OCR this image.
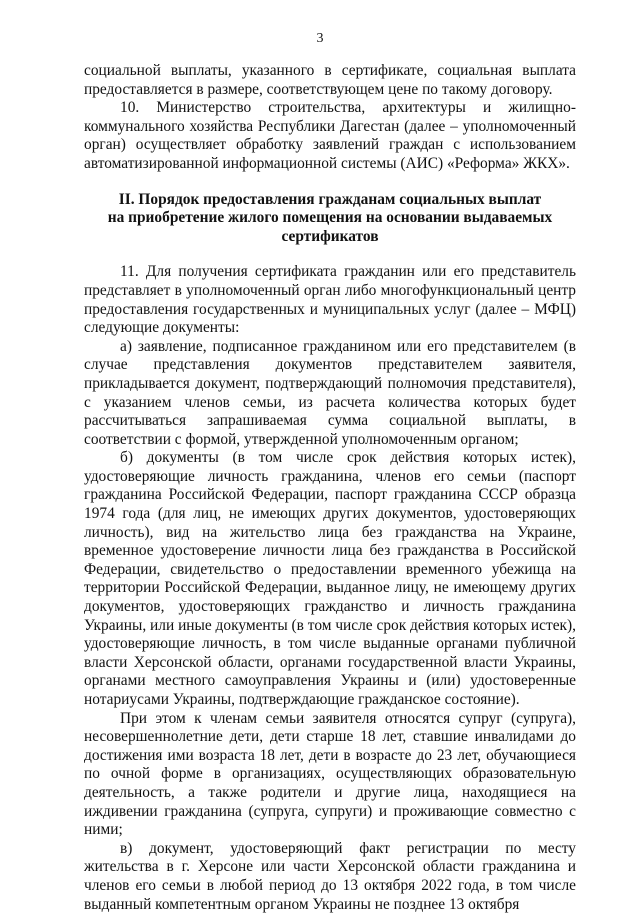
3

социальной выплаты, указанного в сертификате, социальная выплата предоставляется в размере, соответствующем цене по такому договору.

10. Министерство строительства, архитектуры и жилищно-коммунального хозяйства Республики Дагестан (далее – уполномоченный орган) осуществляет обработку заявлений граждан с использованием автоматизированной информационной системы (АИС) «Реформа» ЖКХ».

II. Порядок предоставления гражданам социальных выплат
на приобретение жилого помещения на основании выдаваемых
сертификатов

11. Для получения сертификата гражданин или его представитель представляет в уполномоченный орган либо многофункциональный центр предоставления государственных и муниципальных услуг (далее – МФЦ) следующие документы:

а) заявление, подписанное гражданином или его представителем (в случае представления документов представителем заявителя, прикладывается документ, подтверждающий полномочия представителя), с указанием членов семьи, из расчета количества которых будет рассчитываться запрашиваемая сумма социальной выплаты, в соответствии с формой, утвержденной уполномоченным органом;

б) документы (в том числе срок действия которых истек), удостоверяющие личность гражданина, членов его семьи (паспорт гражданина Российской Федерации, паспорт гражданина СССР образца 1974 года (для лиц, не имеющих других документов, удостоверяющих личность), вид на жительство лица без гражданства на Украине, временное удостоверение личности лица без гражданства в Российской Федерации, свидетельство о предоставлении временного убежища на территории Российской Федерации, выданное лицу, не имеющему других документов, удостоверяющих гражданство и личность гражданина Украины, или иные документы (в том числе срок действия которых истек), удостоверяющие личность, в том числе выданные органами публичной власти Херсонской области, органами государственной власти Украины, органами местного самоуправления Украины и (или) удостоверенные нотариусами Украины, подтверждающие гражданское состояние).

При этом к членам семьи заявителя относятся супруг (супруга), несовершеннолетние дети, дети старше 18 лет, ставшие инвалидами до достижения ими возраста 18 лет, дети в возрасте до 23 лет, обучающиеся по очной форме в организациях, осуществляющих образовательную деятельность, а также родители и другие лица, находящиеся на иждивении гражданина (супруга, супруги) и проживающие совместно с ними;

в) документ, удостоверяющий факт регистрации по месту жительства в г. Херсоне или части Херсонской области гражданина и членов его семьи в любой период до 13 октября 2022 года, в том числе выданный компетентным органом Украины не позднее 13 октября
